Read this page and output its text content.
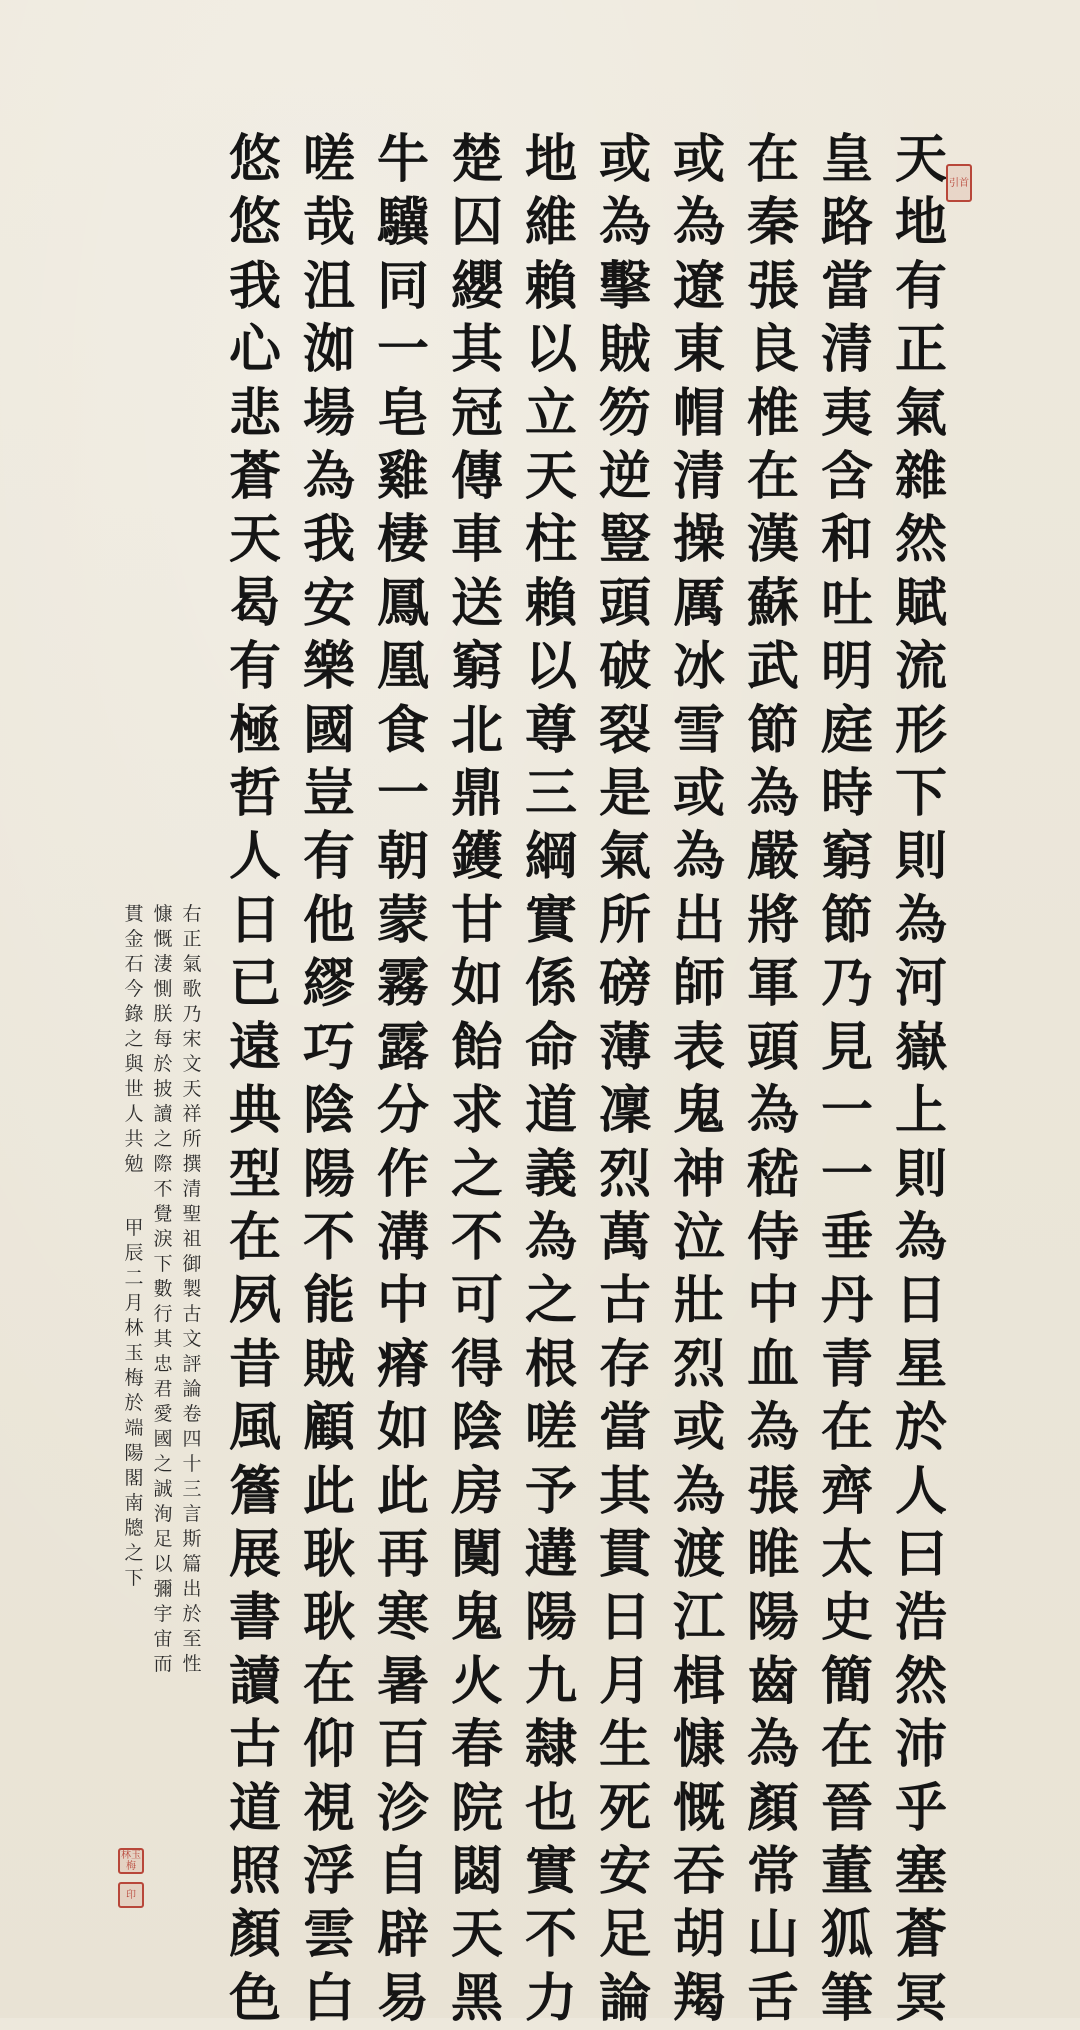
天
地
有
正
氣
雜
然
賦
流
形
下
則
為
河
嶽
上
則
為
日
星
於
人
曰
浩
然
沛
乎
塞
蒼
冥
皇
路
當
清
夷
含
和
吐
明
庭
時
窮
節
乃
見
一
一
垂
丹
青
在
齊
太
史
簡
在
晉
董
狐
筆
在
秦
張
良
椎
在
漢
蘇
武
節
為
嚴
將
軍
頭
為
嵇
侍
中
血
為
張
睢
陽
齒
為
顏
常
山
舌
或
為
遼
東
帽
清
操
厲
冰
雪
或
為
出
師
表
鬼
神
泣
壯
烈
或
為
渡
江
楫
慷
慨
吞
胡
羯
或
為
擊
賊
笏
逆
豎
頭
破
裂
是
氣
所
磅
薄
凜
烈
萬
古
存
當
其
貫
日
月
生
死
安
足
論
地
維
賴
以
立
天
柱
賴
以
尊
三
綱
實
係
命
道
義
為
之
根
嗟
予
遘
陽
九
隸
也
實
不
力
楚
囚
纓
其
冠
傳
車
送
窮
北
鼎
鑊
甘
如
飴
求
之
不
可
得
陰
房
闃
鬼
火
春
院
閟
天
黑
牛
驥
同
一
皂
雞
棲
鳳
凰
食
一
朝
蒙
霧
露
分
作
溝
中
瘠
如
此
再
寒
暑
百
沴
自
辟
易
嗟
哉
沮
洳
場
為
我
安
樂
國
豈
有
他
繆
巧
陰
陽
不
能
賊
顧
此
耿
耿
在
仰
視
浮
雲
白
悠
悠
我
心
悲
蒼
天
曷
有
極
哲
人
日
已
遠
典
型
在
夙
昔
風
簷
展
書
讀
古
道
照
顏
色
右
正
氣
歌
乃
宋
文
天
祥
所
撰
清
聖
祖
御
製
古
文
評
論
卷
四
十
三
言
斯
篇
出
於
至
性
慷
慨
淒
惻
朕
每
於
披
讀
之
際
不
覺
淚
下
數
行
其
忠
君
愛
國
之
誠
洵
足
以
彌
宇
宙
而
貫
金
石
今
錄
之
與
世
人
共
勉
甲
辰
二
月
林
玉
梅
於
端
陽
閣
南
牕
之
下
引首
林玉梅
印
